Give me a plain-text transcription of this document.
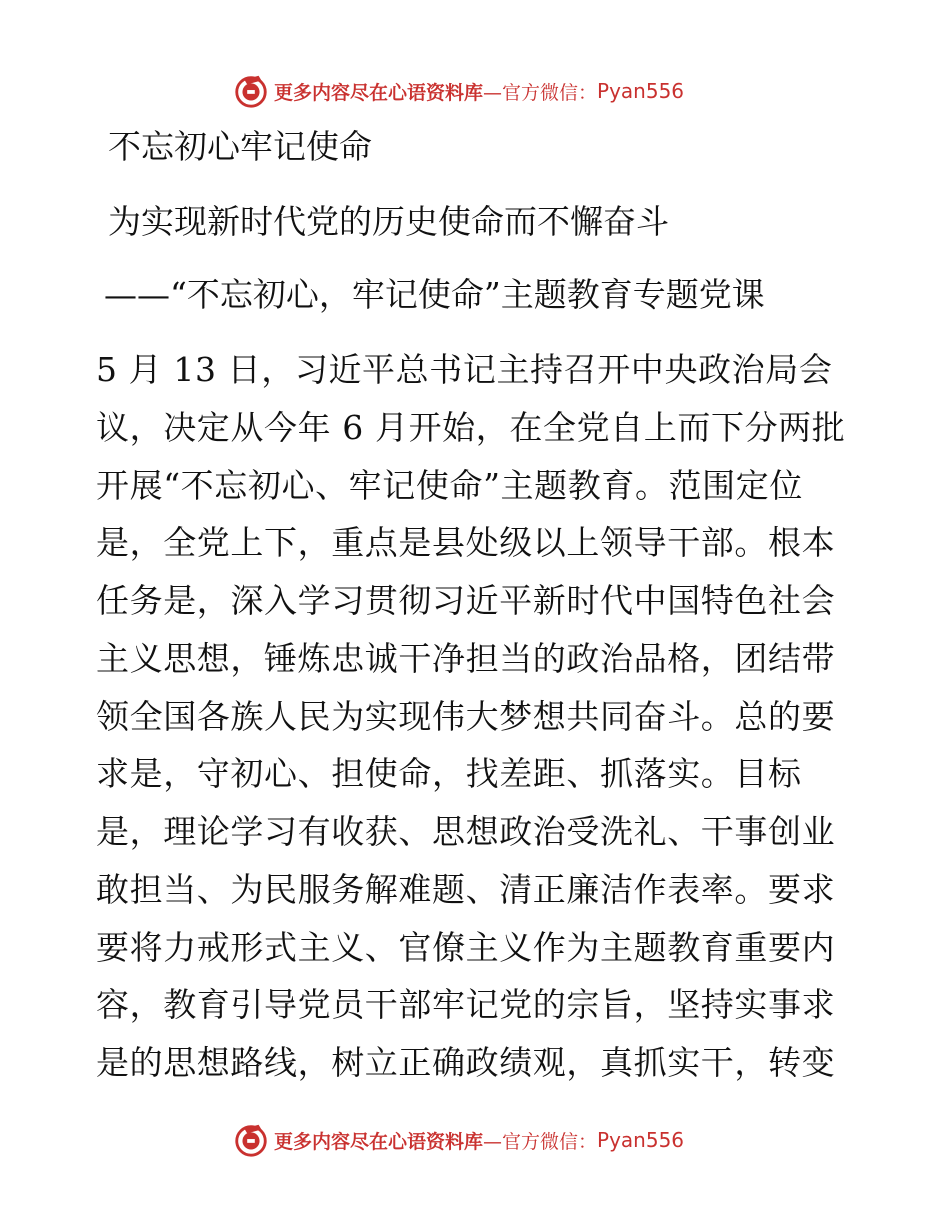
更多内容尽在心语资料库 —官方微信： Pyan556
不忘初心牢记使命
为实现新时代党的历史使命而不懈奋斗
——“不忘初心，牢记使命”主题教育专题党课
5 月 13 日，习近平总书记主持召开中央政治局会
议，决定从今年 6 月开始，在全党自上而下分两批
开展“不忘初心、牢记使命”主题教育。范围定位
是，全党上下，重点是县处级以上领导干部。根本
任务是，深入学习贯彻习近平新时代中国特色社会
主义思想，锤炼忠诚干净担当的政治品格，团结带
领全国各族人民为实现伟大梦想共同奋斗。总的要
求是，守初心、担使命，找差距、抓落实。目标
是，理论学习有收获、思想政治受洗礼、干事创业
敢担当、为民服务解难题、清正廉洁作表率。要求
要将力戒形式主义、官僚主义作为主题教育重要内
容，教育引导党员干部牢记党的宗旨，坚持实事求
是的思想路线，树立正确政绩观，真抓实干，转变
更多内容尽在心语资料库 —官方微信： Pyan556
